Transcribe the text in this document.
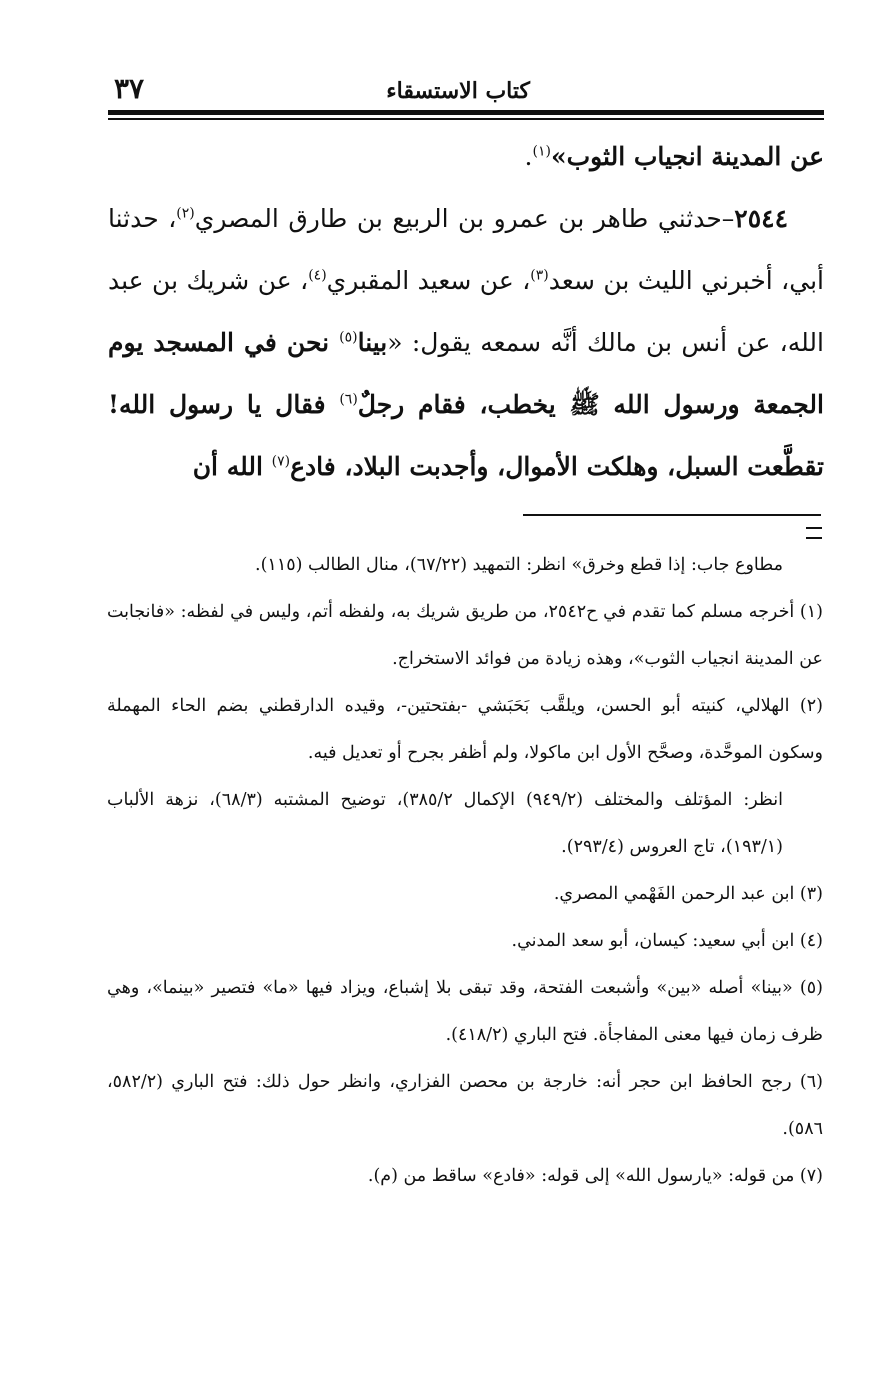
كتاب الاستسقاء
٣٧

عن المدينة انجياب الثوب»$^{(١)}$.

٢٥٤٤–حدثني طاهر بن عمرو بن الربيع بن طارق المصري$^{(٢)}$، حدثنا أبي، أخبرني الليث بن سعد$^{(٣)}$، عن سعيد المقبري$^{(٤)}$، عن شريك بن عبد الله، عن أنس بن مالك أنَّه سمعه يقول: «بينا$^{(٥)}$ نحن في المسجد يوم الجمعة ورسول الله ﷺ يخطب، فقام رجلٌ$^{(٦)}$ فقال يا رسول الله! تقطَّعت السبل، وهلكت الأموال، وأجدبت البلاد، فادع$^{(٧)}$ الله أن

مطاوع جاب: إذا قطع وخرق» انظر: التمهيد (٦٧/٢٢)، منال الطالب (١١٥).

(١) أخرجه مسلم كما تقدم في ح٢٥٤٢، من طريق شريك به، ولفظه أتم، وليس في لفظه: «فانجابت عن المدينة انجياب الثوب»، وهذه زيادة من فوائد الاستخراج.

(٢) الهلالي، كنيته أبو الحسن، ويلقَّب بَحَبَشي -بفتحتين-، وقيده الدارقطني بضم الحاء المهملة وسكون الموحَّدة، وصحَّح الأول ابن ماكولا، ولم أظفر بجرح أو تعديل فيه.

انظر: المؤتلف والمختلف (٩٤٩/٢) الإكمال ٣٨٥/٢)، توضيح المشتبه (٦٨/٣)، نزهة الألباب (١٩٣/١)، تاج العروس (٢٩٣/٤).

(٣) ابن عبد الرحمن الفَهْمي المصري.

(٤) ابن أبي سعيد: كيسان، أبو سعد المدني.

(٥) «بينا» أصله «بين» وأشبعت الفتحة، وقد تبقى بلا إشباع، ويزاد فيها «ما» فتصير «بينما»، وهي ظرف زمان فيها معنى المفاجأة. فتح الباري (٤١٨/٢).

(٦) رجح الحافظ ابن حجر أنه: خارجة بن محصن الفزاري، وانظر حول ذلك: فتح الباري (٥٨٢/٢، ٥٨٦).

(٧) من قوله: «يارسول الله» إلى قوله: «فادع» ساقط من (م).
